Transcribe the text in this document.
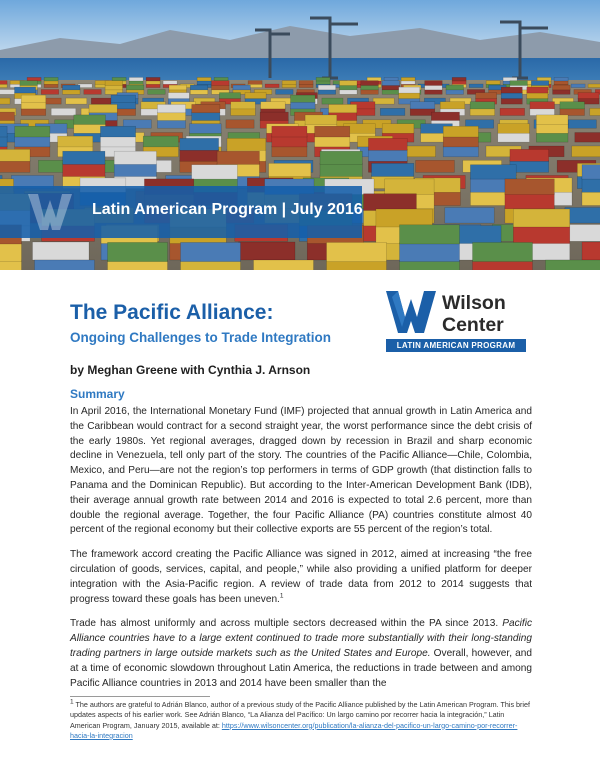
Latin American Program | July 2016
The Pacific Alliance:
Ongoing Challenges to Trade Integration
Wilson
Center
LATIN AMERICAN PROGRAM

by Meghan Greene with Cynthia J. Arnson

Summary

In April 2016, the International Monetary Fund (IMF) projected that annual growth in Latin America and the Caribbean would contract for a second straight year, the worst performance since the debt crisis of the early 1980s. Yet regional averages, dragged down by recession in Brazil and sharp economic decline in Venezuela, tell only part of the story. The countries of the Pacific Alliance—Chile, Colombia, Mexico, and Peru—are not the region’s top performers in terms of GDP growth (that distinction falls to Panama and the Dominican Republic). But according to the Inter-American Development Bank (IDB), their average annual growth rate between 2014 and 2016 is expected to total 2.6 percent, more than double the regional average. Together, the four Pacific Alliance (PA) countries constitute almost 40 percent of the regional economy but their collective exports are 55 percent of the region’s total.

The framework accord creating the Pacific Alliance was signed in 2012, aimed at increasing “the free circulation of goods, services, capital, and people,” while also providing a unified platform for deeper integration with the Asia-Pacific region. A review of trade data from 2012 to 2014 suggests that progress toward these goals has been uneven.$^1$

Trade has almost uniformly and across multiple sectors decreased within the PA since 2013. Pacific Alliance countries have to a large extent continued to trade more substantially with their long-standing trading partners in large outside markets such as the United States and Europe. Overall, however, and at a time of economic slowdown throughout Latin America, the reductions in trade between and among Pacific Alliance countries in 2013 and 2014 have been smaller than the

$^1$ The authors are grateful to Adrián Blanco, author of a previous study of the Pacific Alliance published by the Latin American Program. This brief updates aspects of his earlier work. See Adrián Blanco, “La Alianza del Pacífico: Un largo camino por recorrer hacia la integración,” Latin American Program, January 2015, available at: https://www.wilsoncenter.org/publication/la-alianza-del-pacifico-un-largo-camino-por-recorrer-hacia-la-integracion
